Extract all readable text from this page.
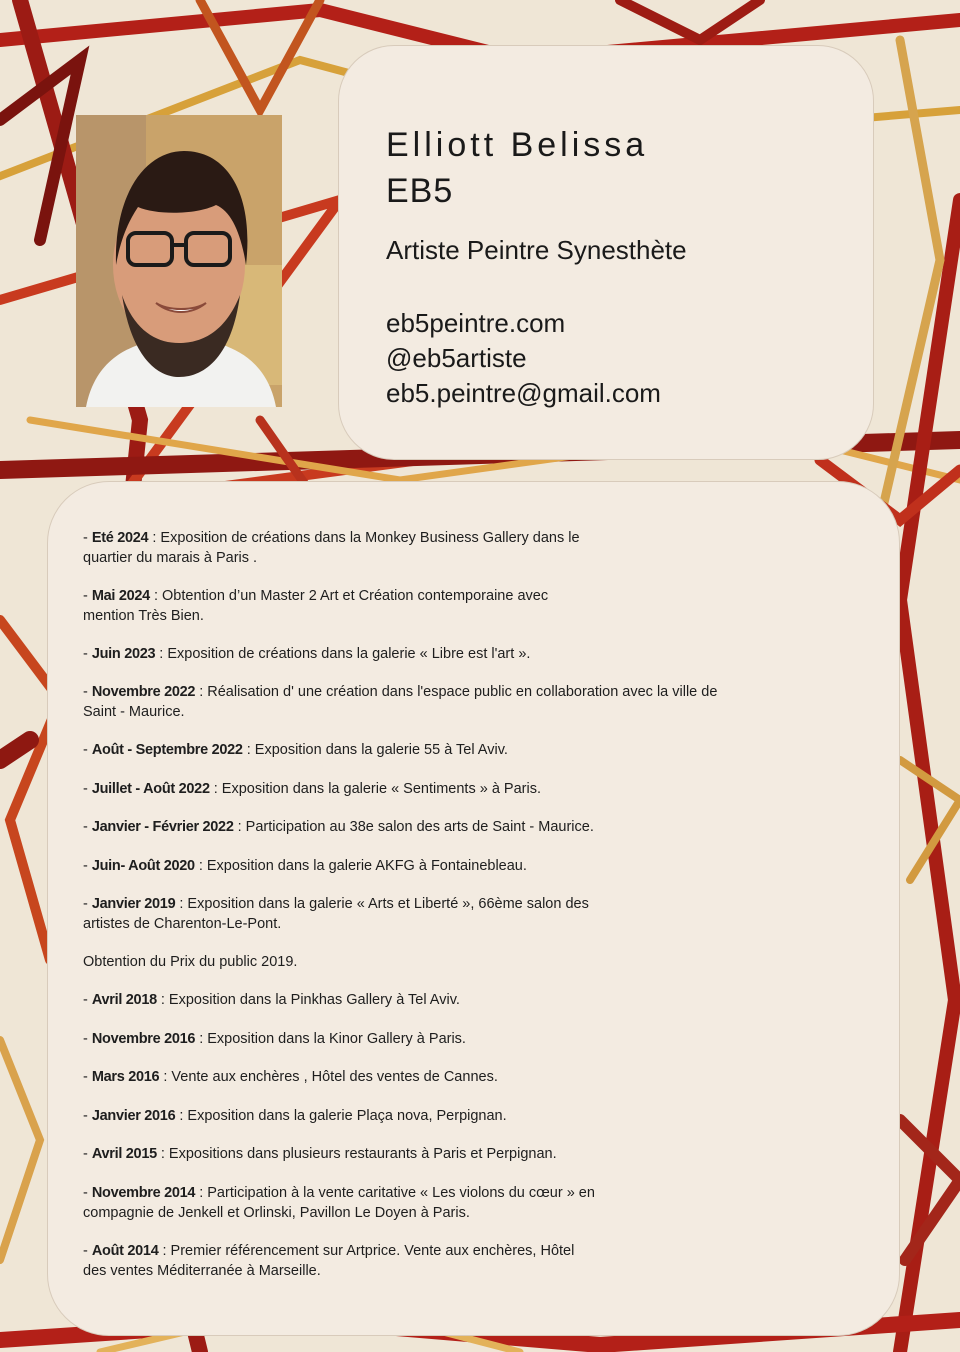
Elliott Belissa
EB5

Artiste Peintre Synesthète

eb5peintre.com
@eb5artiste
eb5.peintre@gmail.com

- Eté 2024 : Exposition de créations dans la Monkey Business Gallery dans le
quartier du marais à Paris .

- Mai 2024 : Obtention d’un Master 2 Art et Création contemporaine avec
mention Très Bien.

- Juin 2023 : Exposition de créations dans la galerie « Libre est l'art ».

- Novembre 2022 : Réalisation d' une création dans l'espace public en collaboration avec la ville de
Saint - Maurice.

- Août - Septembre 2022 : Exposition dans la galerie 55 à Tel Aviv.

- Juillet - Août 2022 : Exposition dans la galerie « Sentiments » à Paris.

- Janvier - Février 2022 : Participation au 38e salon des arts de Saint - Maurice.

- Juin- Août 2020 : Exposition dans la galerie AKFG à Fontainebleau.

- Janvier 2019 : Exposition dans la galerie « Arts et Liberté », 66ème salon des
artistes de Charenton-Le-Pont.

Obtention du Prix du public 2019.

- Avril 2018 : Exposition dans la Pinkhas Gallery à Tel Aviv.

- Novembre 2016 : Exposition dans la Kinor Gallery à Paris.

- Mars 2016 : Vente aux enchères , Hôtel des ventes de Cannes.

- Janvier 2016 : Exposition dans la galerie Plaça nova, Perpignan.

- Avril 2015 : Expositions dans plusieurs restaurants à Paris et Perpignan.

- Novembre 2014 : Participation à la vente caritative « Les violons du cœur » en
compagnie de Jenkell et Orlinski, Pavillon Le Doyen à Paris.

- Août 2014 : Premier référencement sur Artprice. Vente aux enchères, Hôtel
des ventes Méditerranée à Marseille.
